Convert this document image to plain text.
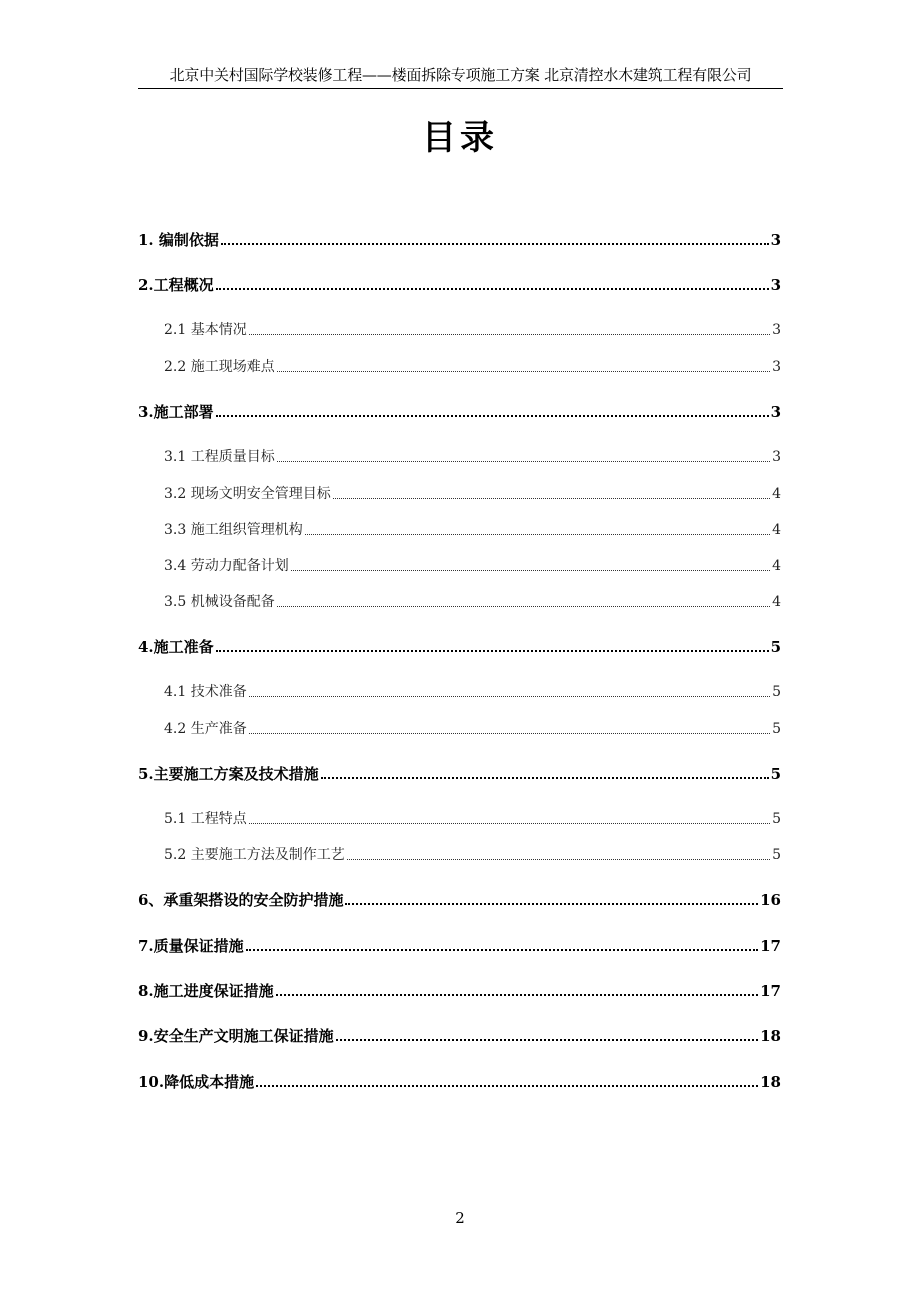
北京中关村国际学校装修工程——楼面拆除专项施工方案 北京清控水木建筑工程有限公司
目录
1. 编制依据	3
2.工程概况	3
2.1 基本情况	3
2.2 施工现场难点	3
3.施工部署	3
3.1 工程质量目标	3
3.2 现场文明安全管理目标	4
3.3 施工组织管理机构	4
3.4 劳动力配备计划	4
3.5 机械设备配备	4
4.施工准备	5
4.1 技术准备	5
4.2 生产准备	5
5.主要施工方案及技术措施	5
5.1 工程特点	5
5.2 主要施工方法及制作工艺	5
6、承重架搭设的安全防护措施	16
7.质量保证措施	17
8.施工进度保证措施	17
9.安全生产文明施工保证措施	18
10.降低成本措施	18
2
